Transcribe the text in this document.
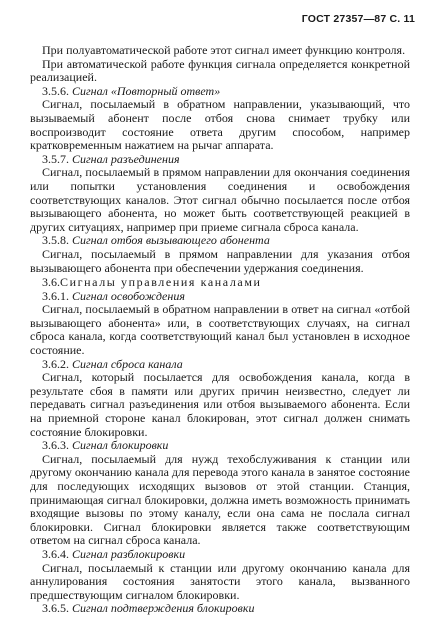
ГОСТ 27357—87 С. 11
При полуавтоматической работе этот сигнал имеет функцию контроля.
При автоматической работе функция сигнала определяется конкретной реализацией.
3.5.6. Сигнал «Повторный ответ»
Сигнал, посылаемый в обратном направлении, указывающий, что вызываемый абонент после отбоя снова снимает трубку или воспроизводит состояние ответа другим способом, например кратковременным нажатием на рычаг аппарата.
3.5.7. Сигнал разъединения
Сигнал, посылаемый в прямом направлении для окончания соединения или попытки установления соединения и освобождения соответствующих каналов. Этот сигнал обычно посылается после отбоя вызывающего абонента, но может быть соответствующей реакцией в других ситуациях, например при приеме сигнала сброса канала.
3.5.8. Сигнал отбоя вызывающего абонента
Сигнал, посылаемый в прямом направлении для указания отбоя вызывающего абонента при обеспечении удержания соединения.
3.6.Сигналы управления каналами
3.6.1. Сигнал освобождения
Сигнал, посылаемый в обратном направлении в ответ на сигнал «отбой вызывающего абонента» или, в соответствующих случаях, на сигнал сброса канала, когда соответствующий канал был установлен в исходное состояние.
3.6.2. Сигнал сброса канала
Сигнал, который посылается для освобождения канала, когда в результате сбоя в памяти или других причин неизвестно, следует ли передавать сигнал разъединения или отбоя вызываемого абонента. Если на приемной стороне канал блокирован, этот сигнал должен снимать состояние блокировки.
3.6.3. Сигнал блокировки
Сигнал, посылаемый для нужд техобслуживания к станции или другому окончанию канала для перевода этого канала в занятое состояние для последующих исходящих вызовов от этой станции. Станция, принимающая сигнал блокировки, должна иметь возможность принимать входящие вызовы по этому каналу, если она сама не послала сигнал блокировки. Сигнал блокировки является также соответствующим ответом на сигнал сброса канала.
3.6.4. Сигнал разблокировки
Сигнал, посылаемый к станции или другому окончанию канала для аннулирования состояния занятости этого канала, вызванного предшествующим сигналом блокировки.
3.6.5. Сигнал подтверждения блокировки
